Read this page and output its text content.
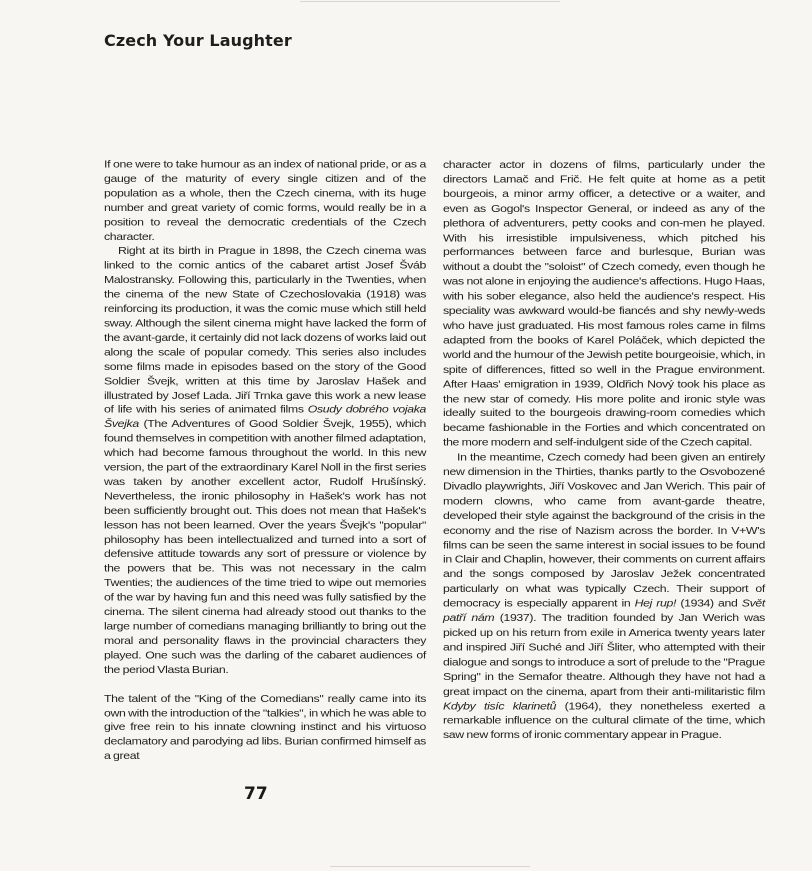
Czech Your Laughter

If one were to take humour as an index of national pride, or as a gauge of the maturity of every single citizen and of the population as a whole, then the Czech cinema, with its huge number and great variety of comic forms, would really be in a position to reveal the democratic credentials of the Czech character.

Right at its birth in Prague in 1898, the Czech cinema was linked to the comic antics of the cabaret artist Josef Šváb Malostransky. Following this, particularly in the Twenties, when the cinema of the new State of Czechoslovakia (1918) was reinforcing its production, it was the comic muse which still held sway. Although the silent cinema might have lacked the form of the avant-garde, it certainly did not lack dozens of works laid out along the scale of popular comedy. This series also includes some films made in episodes based on the story of the Good Soldier Švejk, written at this time by Jaroslav Hašek and illustrated by Josef Lada. Jiří Trnka gave this work a new lease of life with his series of animated films Osudy dobrého vojaka Švejka (The Adventures of Good Soldier Švejk, 1955), which found themselves in competition with another filmed adaptation, which had become famous throughout the world. In this new version, the part of the extraordinary Karel Noll in the first series was taken by another excellent actor, Rudolf Hrušínský. Nevertheless, the ironic philosophy in Hašek's work has not been sufficiently brought out. This does not mean that Hašek's lesson has not been learned. Over the years Švejk's "popular" philosophy has been intellectualized and turned into a sort of defensive attitude towards any sort of pressure or violence by the powers that be. This was not necessary in the calm Twenties; the audiences of the time tried to wipe out memories of the war by having fun and this need was fully satisfied by the cinema. The silent cinema had already stood out thanks to the large number of comedians managing brilliantly to bring out the moral and personality flaws in the provincial characters they played. One such was the darling of the cabaret audiences of the period Vlasta Burian.

The talent of the "King of the Comedians" really came into its own with the introduction of the "talkies", in which he was able to give free rein to his innate clowning instinct and his virtuoso declamatory and parodying ad libs. Burian confirmed himself as a great

character actor in dozens of films, particularly under the directors Lamač and Frič. He felt quite at home as a petit bourgeois, a minor army officer, a detective or a waiter, and even as Gogol's Inspector General, or indeed as any of the plethora of adventurers, petty cooks and con-men he played. With his irresistible impulsiveness, which pitched his performances between farce and burlesque, Burian was without a doubt the "soloist" of Czech comedy, even though he was not alone in enjoying the audience's affections. Hugo Haas, with his sober elegance, also held the audience's respect. His speciality was awkward would-be fiancés and shy newly-weds who have just graduated. His most famous roles came in films adapted from the books of Karel Poláček, which depicted the world and the humour of the Jewish petite bourgeoisie, which, in spite of differences, fitted so well in the Prague environment. After Haas' emigration in 1939, Oldřich Nový took his place as the new star of comedy. His more polite and ironic style was ideally suited to the bourgeois drawing-room comedies which became fashionable in the Forties and which concentrated on the more modern and self-indulgent side of the Czech capital.

In the meantime, Czech comedy had been given an entirely new dimension in the Thirties, thanks partly to the Osvobozené Divadlo playwrights, Jiří Voskovec and Jan Werich. This pair of modern clowns, who came from avant-garde theatre, developed their style against the background of the crisis in the economy and the rise of Nazism across the border. In V+W's films can be seen the same interest in social issues to be found in Clair and Chaplin, however, their comments on current affairs and the songs composed by Jaroslav Ježek concentrated particularly on what was typically Czech. Their support of democracy is especially apparent in Hej rup! (1934) and Svět patří nám (1937). The tradition founded by Jan Werich was picked up on his return from exile in America twenty years later and inspired Jiří Suché and Jiří Šliter, who attempted with their dialogue and songs to introduce a sort of prelude to the "Prague Spring" in the Semafor theatre. Although they have not had a great impact on the cinema, apart from their anti-militaristic film Kdyby tisíc klarinetů (1964), they nonetheless exerted a remarkable influence on the cultural climate of the time, which saw new forms of ironic commentary appear in Prague.

77
